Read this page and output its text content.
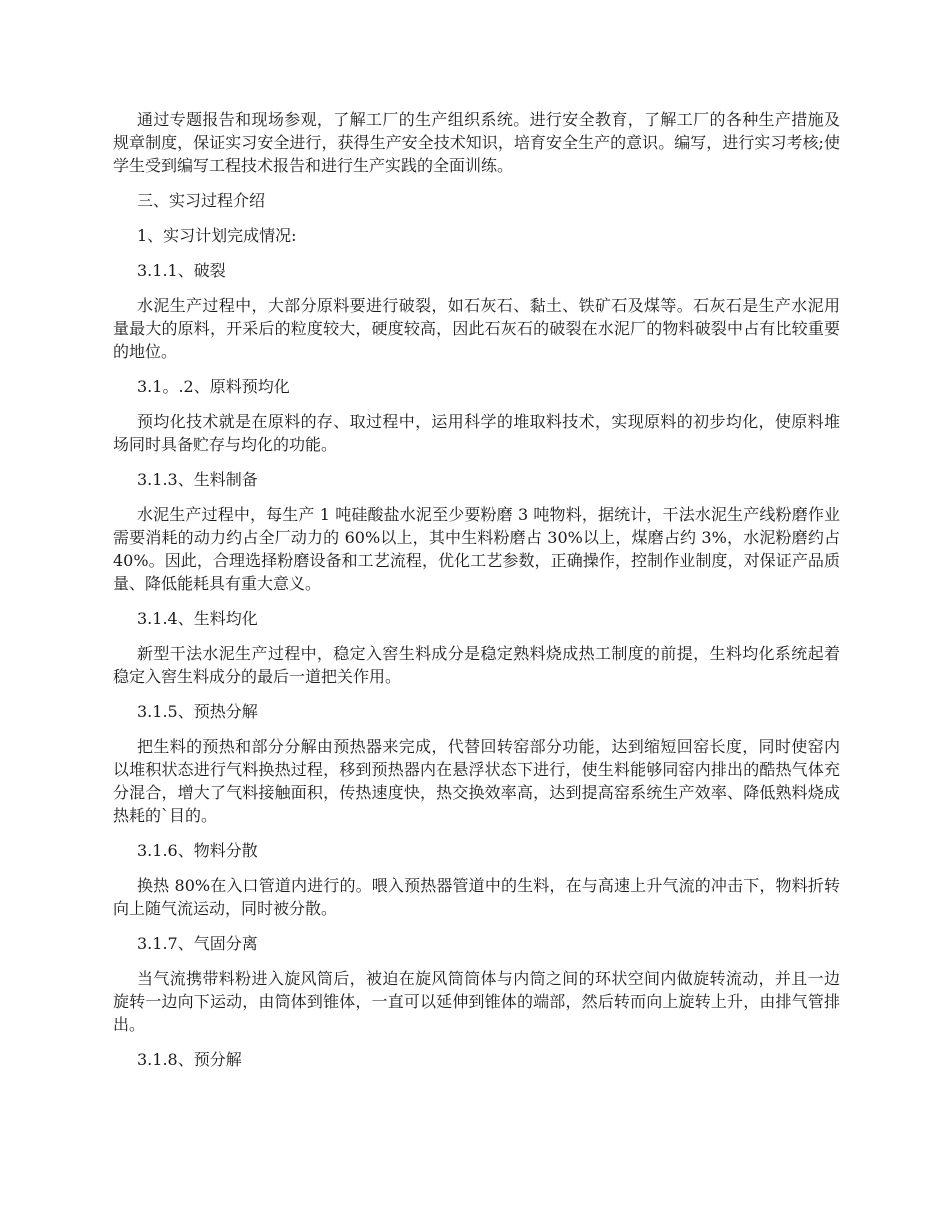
通过专题报告和现场参观，了解工厂的生产组织系统。进行安全教育，了解工厂的各种生产措施及规章制度，保证实习安全进行，获得生产安全技术知识，培育安全生产的意识。编写，进行实习考核;使学生受到编写工程技术报告和进行生产实践的全面训练。

三、实习过程介绍

1、实习计划完成情况:

3.1.1、破裂

水泥生产过程中，大部分原料要进行破裂，如石灰石、黏土、铁矿石及煤等。石灰石是生产水泥用量最大的原料，开采后的粒度较大，硬度较高，因此石灰石的破裂在水泥厂的物料破裂中占有比较重要的地位。

3.1。.2、原料预均化

预均化技术就是在原料的存、取过程中，运用科学的堆取料技术，实现原料的初步均化，使原料堆场同时具备贮存与均化的功能。

3.1.3、生料制备

水泥生产过程中，每生产 1 吨硅酸盐水泥至少要粉磨 3 吨物料，据统计，干法水泥生产线粉磨作业需要消耗的动力约占全厂动力的 60%以上，其中生料粉磨占 30%以上，煤磨占约 3%，水泥粉磨约占 40%。因此，合理选择粉磨设备和工艺流程，优化工艺参数，正确操作，控制作业制度，对保证产品质量、降低能耗具有重大意义。

3.1.4、生料均化

新型干法水泥生产过程中，稳定入窖生料成分是稳定熟料烧成热工制度的前提，生料均化系统起着稳定入窖生料成分的最后一道把关作用。

3.1.5、预热分解

把生料的预热和部分分解由预热器来完成，代替回转窑部分功能，达到缩短回窑长度，同时使窑内以堆积状态进行气料换热过程，移到预热器内在悬浮状态下进行，使生料能够同窑内排出的酷热气体充分混合，增大了气料接触面积，传热速度快，热交换效率高，达到提高窑系统生产效率、降低熟料烧成热耗的`目的。

3.1.6、物料分散

换热 80%在入口管道内进行的。喂入预热器管道中的生料，在与高速上升气流的冲击下，物料折转向上随气流运动，同时被分散。

3.1.7、气固分离

当气流携带料粉进入旋风筒后，被迫在旋风筒筒体与内筒之间的环状空间内做旋转流动，并且一边旋转一边向下运动，由筒体到锥体，一直可以延伸到锥体的端部，然后转而向上旋转上升，由排气管排出。

3.1.8、预分解
